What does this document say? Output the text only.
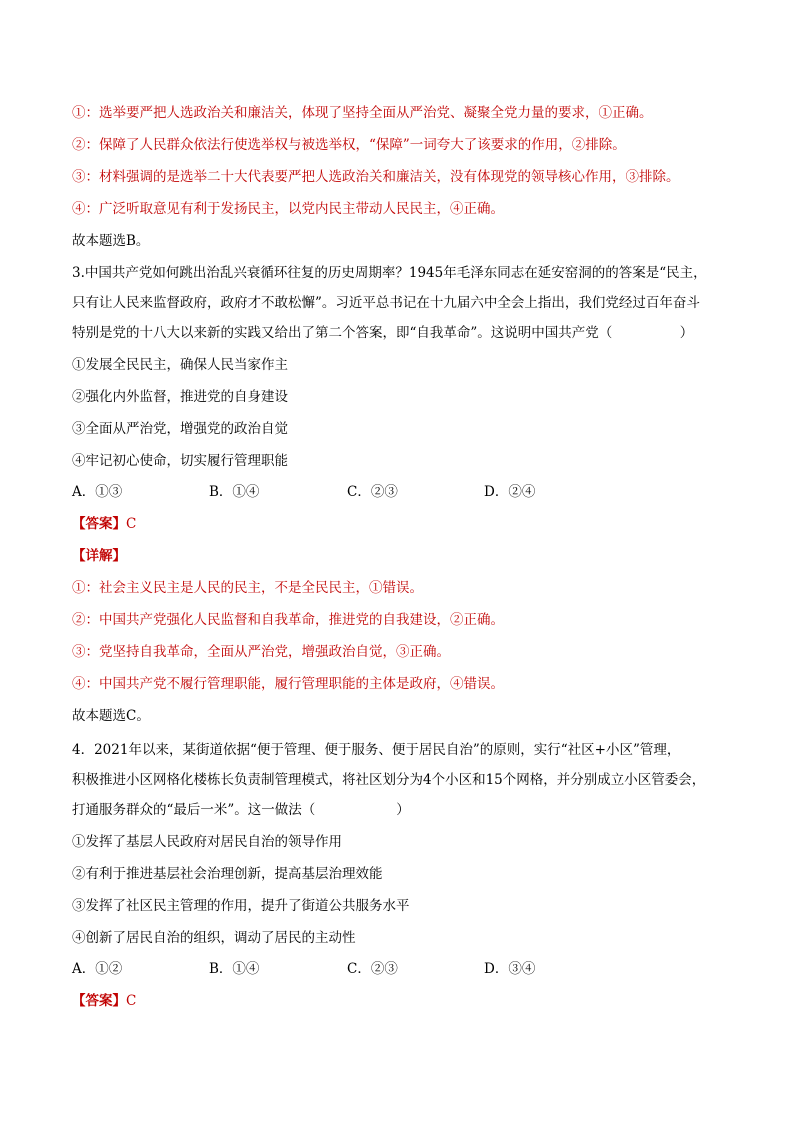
①：选举要严把人选政治关和廉洁关，体现了坚持全面从严治党、凝聚全党力量的要求，①正确。
②：保障了人民群众依法行使选举权与被选举权，“保障”一词夸大了该要求的作用，②排除。
③：材料强调的是选举二十大代表要严把人选政治关和廉洁关，没有体现党的领导核心作用，③排除。
④：广泛听取意见有利于发扬民主，以党内民主带动人民民主，④正确。
故本题选B。
3.中国共产党如何跳出治乱兴衰循环往复的历史周期率？1945年毛泽东同志在延安窑洞的的答案是“民主，
只有让人民来监督政府，政府才不敢松懈”。习近平总书记在十九届六中全会上指出，我们党经过百年奋斗
特别是党的十八大以来新的实践又给出了第二个答案，即“自我革命”。这说明中国共产党（　　　　　）
①发展全民民主，确保人民当家作主
②强化内外监督，推进党的自身建设
③全面从严治党，增强党的政治自觉
④牢记初心使命，切实履行管理职能
A．①③	B．①④	C．②③	D．②④
【答案】C
【详解】
①：社会主义民主是人民的民主，不是全民民主，①错误。
②：中国共产党强化人民监督和自我革命，推进党的自我建设，②正确。
③：党坚持自我革命，全面从严治党，增强政治自觉，③正确。
④：中国共产党不履行管理职能，履行管理职能的主体是政府，④错误。
故本题选C。
4．2021年以来，某街道依据“便于管理、便于服务、便于居民自治”的原则，实行“社区+小区”管理，
积极推进小区网格化楼栋长负责制管理模式，将社区划分为4个小区和15个网格，并分别成立小区管委会，
打通服务群众的“最后一米”。这一做法（　　　　　　）
①发挥了基层人民政府对居民自治的领导作用
②有利于推进基层社会治理创新，提高基层治理效能
③发挥了社区民主管理的作用，提升了街道公共服务水平
④创新了居民自治的组织，调动了居民的主动性
A．①②	B．①④	C．②③	D．③④
【答案】C
